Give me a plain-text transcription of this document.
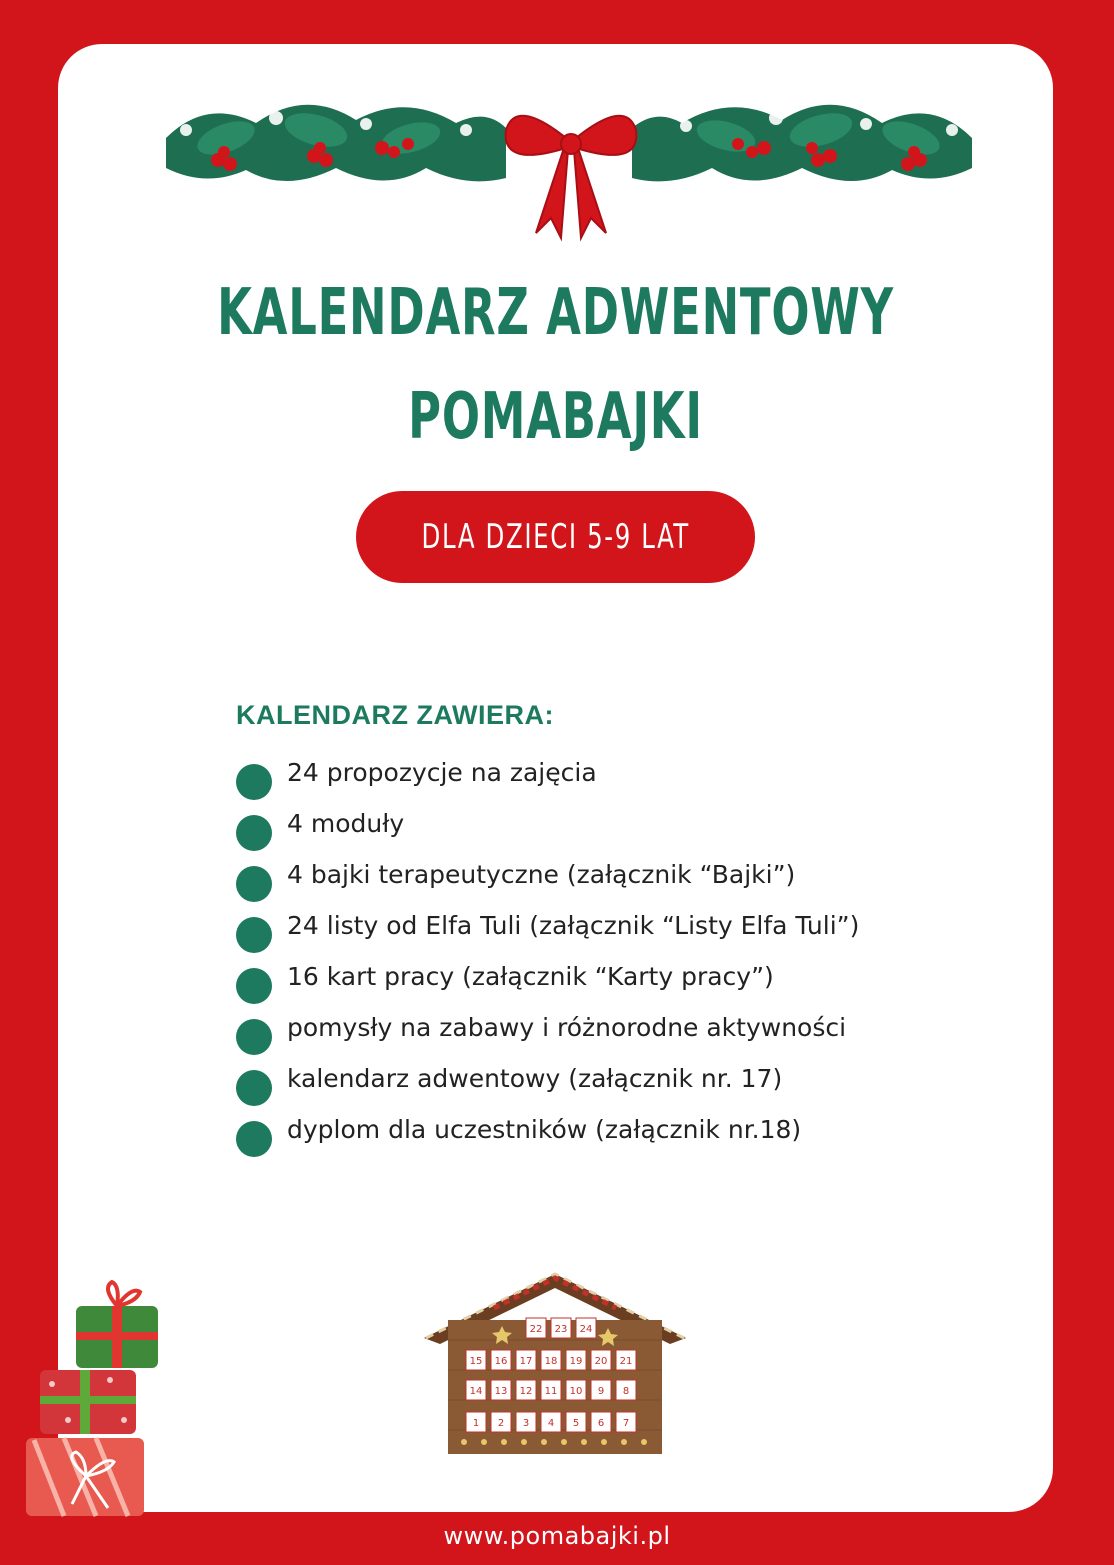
KALENDARZ ADWENTOWY
POMABAJKI
DLA DZIECI 5-9 LAT
KALENDARZ ZAWIERA:
24 propozycje na zajęcia
4 moduły
4 bajki terapeutyczne (załącznik “Bajki”)
24 listy od Elfa Tuli (załącznik “Listy Elfa Tuli”)
16 kart pracy (załącznik “Karty pracy”)
pomysły na zabawy i różnorodne aktywności
kalendarz adwentowy (załącznik nr. 17)
dyplom dla uczestników (załącznik nr.18)
22 23 24
15 16 17 18 19 20 21
14 13 12 11 10 9 8
1 2 3 4 5 6 7
www.pomabajki.pl
